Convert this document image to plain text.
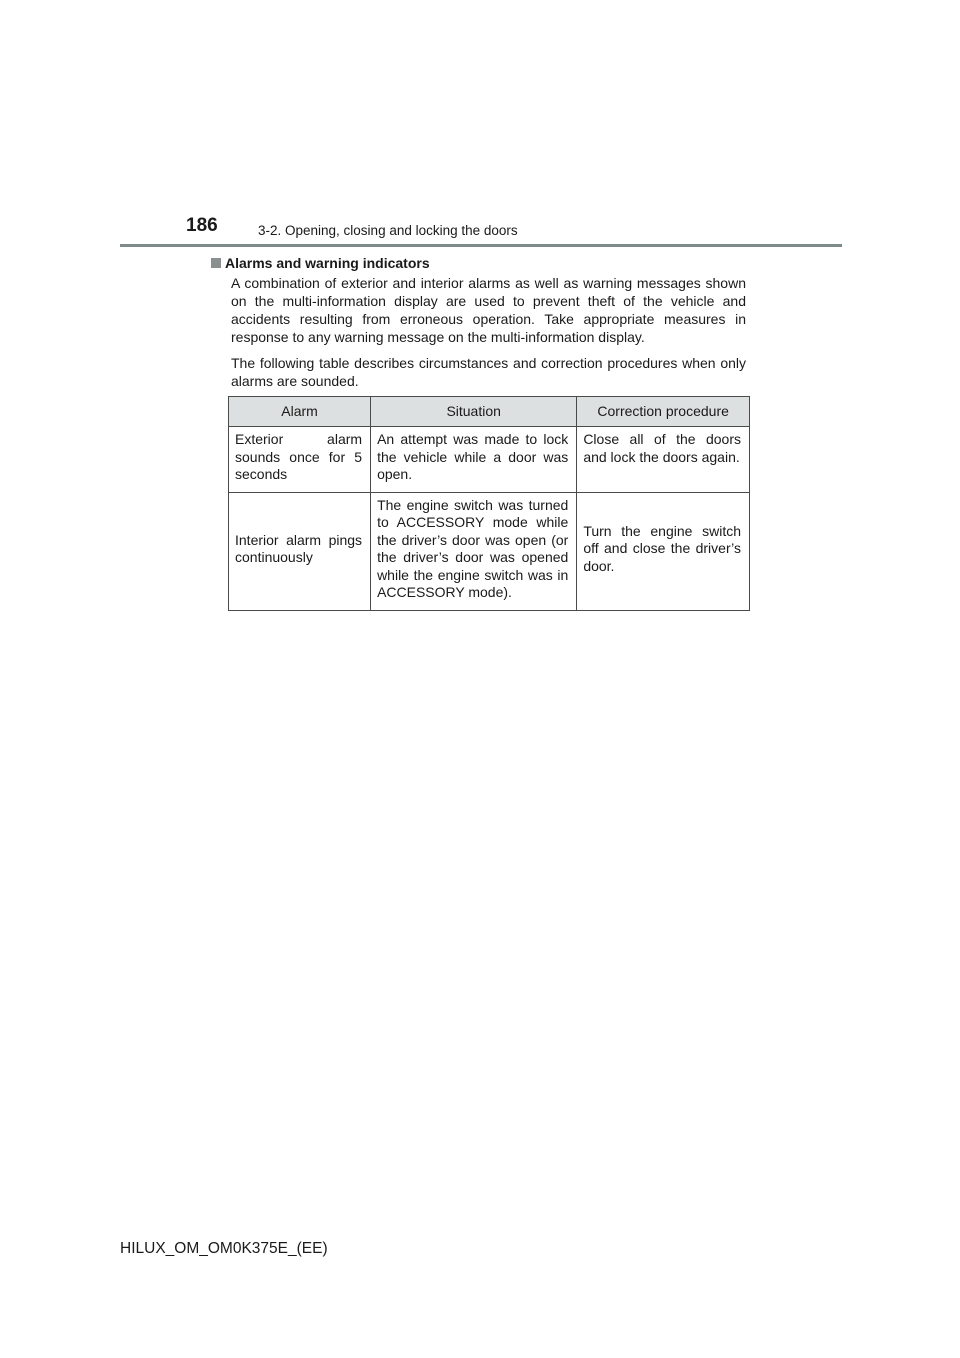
186	3-2. Opening, closing and locking the doors
Alarms and warning indicators

A combination of exterior and interior alarms as well as warning messages shown on the multi-information display are used to prevent theft of the vehicle and accidents resulting from erroneous operation. Take appropriate measures in response to any warning message on the multi-information display.

The following table describes circumstances and correction procedures when only alarms are sounded.

Alarm	Situation	Correction procedure
Exterior alarm sounds once for 5 seconds	An attempt was made to lock the vehicle while a door was open.	Close all of the doors and lock the doors again.
Interior alarm pings continuously	The engine switch was turned to ACCESSORY mode while the driver’s door was open (or the driver’s door was opened while the engine switch was in ACCESSORY mode).	Turn the engine switch off and close the driver’s door.
HILUX_OM_OM0K375E_(EE)
